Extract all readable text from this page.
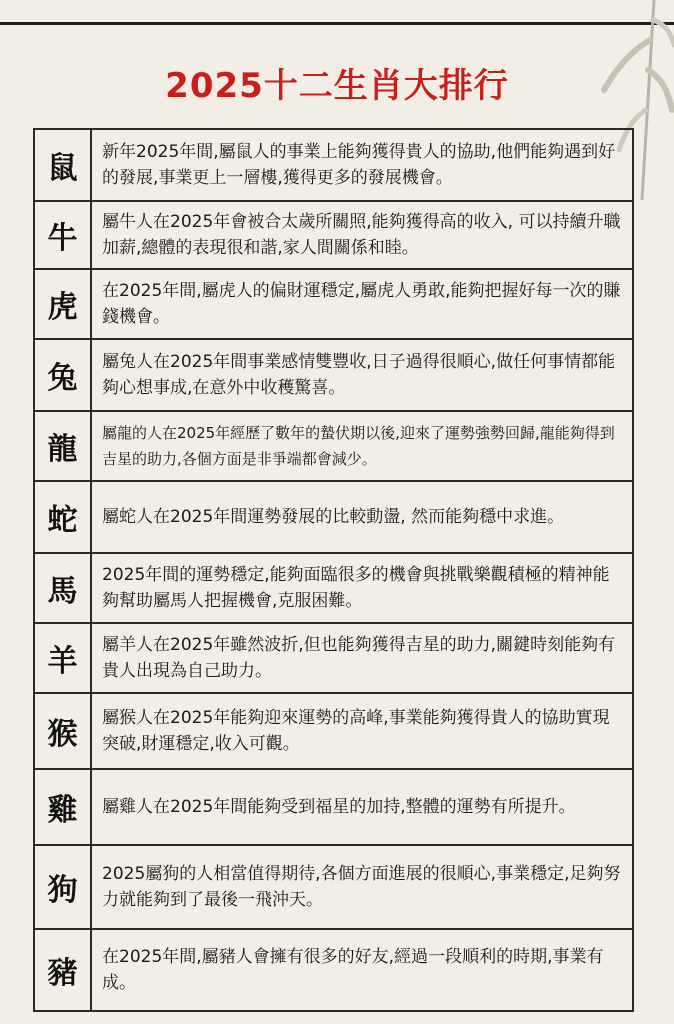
2025十二生肖大排行
鼠	新年2025年間,屬鼠人的事業上能夠獲得貴人的協助,他們能夠遇到好的發展,事業更上一層樓,獲得更多的發展機會。
牛	屬牛人在2025年會被合太歲所關照,能夠獲得高的收入, 可以持續升職加薪,總體的表現很和諧,家人間關係和睦。
虎	在2025年間,屬虎人的偏財運穩定,屬虎人勇敢,能夠把握好每一次的賺錢機會。
兔	屬兔人在2025年間事業感情雙豐收,日子過得很順心,做任何事情都能夠心想事成,在意外中收穫驚喜。
龍	屬龍的人在2025年經歷了數年的蟄伏期以後,迎來了運勢強勢回歸,龍能夠得到吉星的助力,各個方面是非爭端都會減少。
蛇	屬蛇人在2025年間運勢發展的比較動盪, 然而能夠穩中求進。
馬	2025年間的運勢穩定,能夠面臨很多的機會與挑戰樂觀積極的精神能夠幫助屬馬人把握機會,克服困難。
羊	屬羊人在2025年雖然波折,但也能夠獲得吉星的助力,關鍵時刻能夠有貴人出現為自己助力。
猴	屬猴人在2025年能夠迎來運勢的高峰,事業能夠獲得貴人的協助實現突破,財運穩定,收入可觀。
雞	屬雞人在2025年間能夠受到福星的加持,整體的運勢有所提升。
狗	2025屬狗的人相當值得期待,各個方面進展的很順心,事業穩定,足夠努力就能夠到了最後一飛沖天。
豬	在2025年間,屬豬人會擁有很多的好友,經過一段順利的時期,事業有成。
